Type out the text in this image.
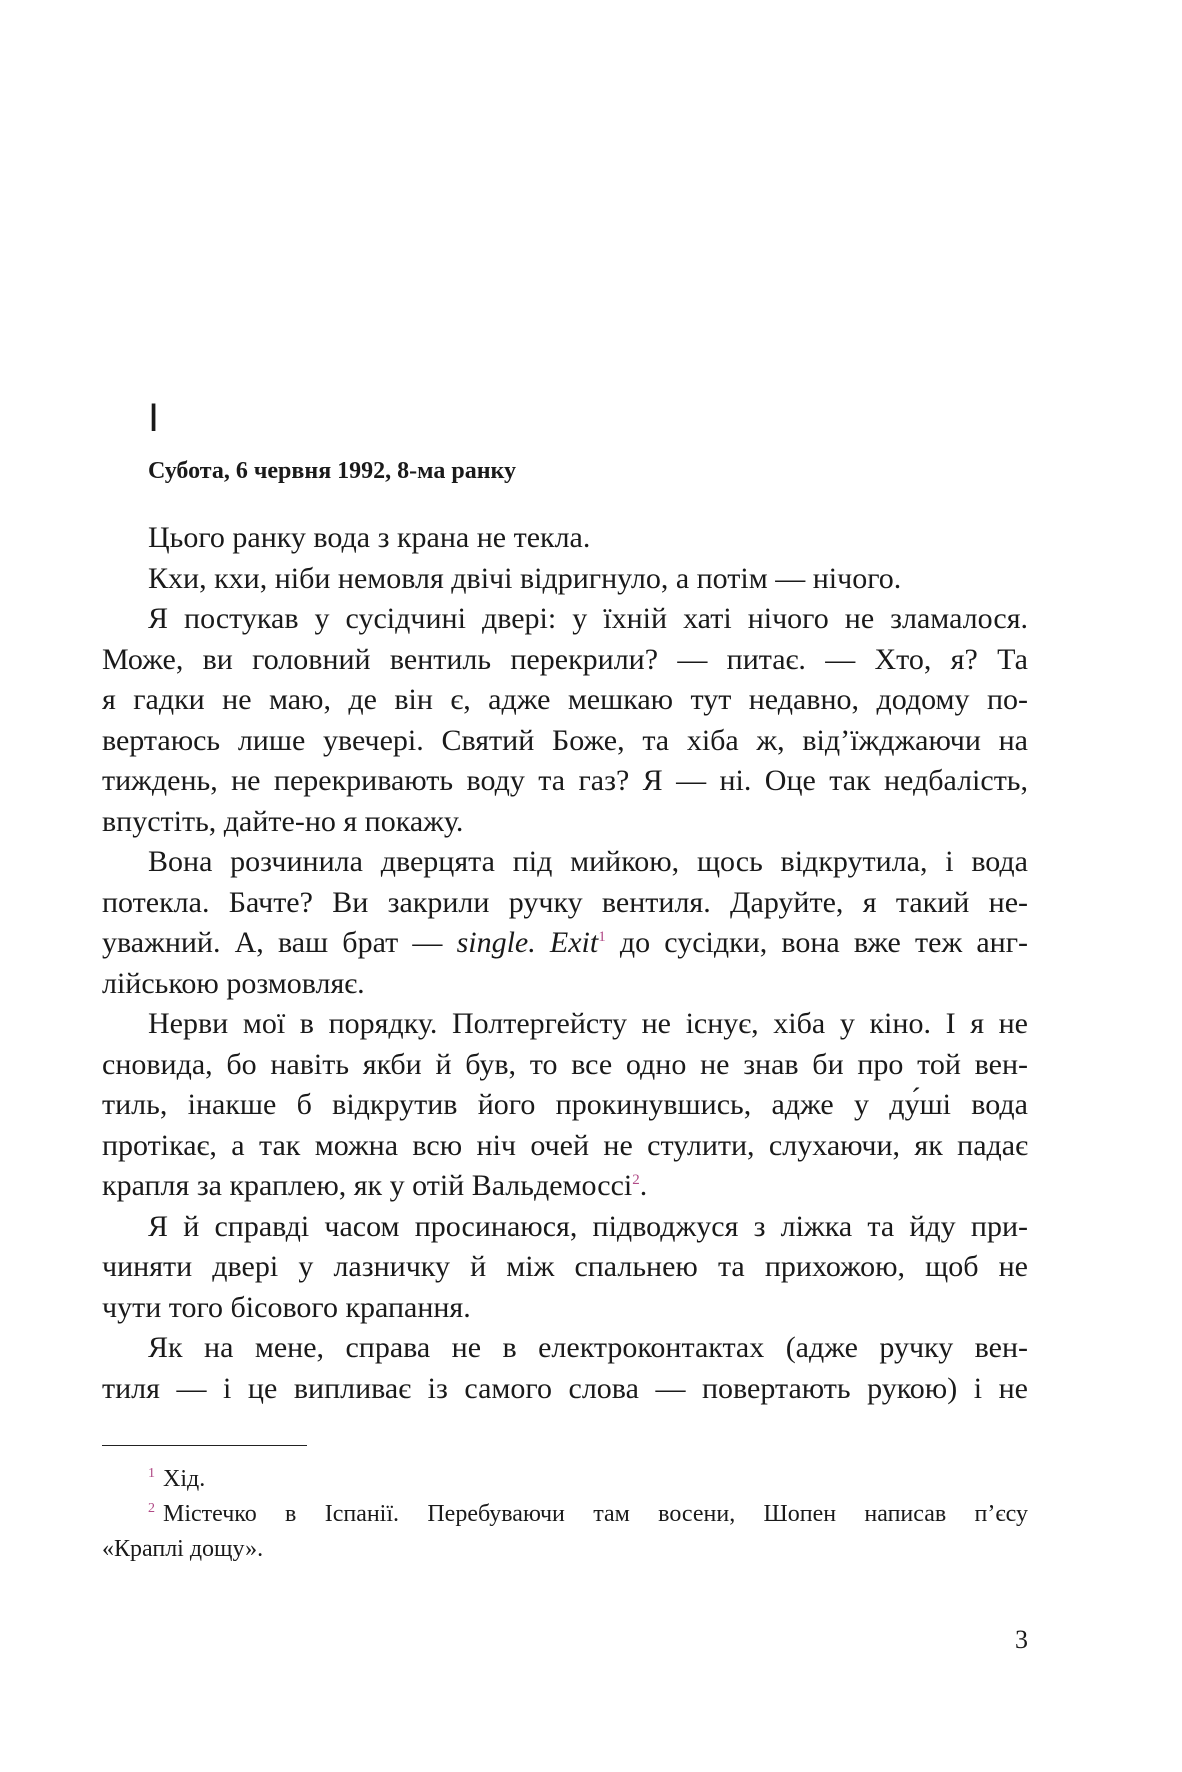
I
Субота, 6 червня 1992, 8-ма ранку
Цього ранку вода з крана не текла.
Кхи, кхи, ніби немовля двічі відригнуло, а потім — нічого.
Я постукав у сусідчині двері: у їхній хаті нічого не зламалося.
Може, ви головний вентиль перекрили? — питає. — Хто, я? Та
я гадки не маю, де він є, адже мешкаю тут недавно, додому по-
вертаюсь лише увечері. Святий Боже, та хіба ж, від’їжджаючи на
тиждень, не перекривають воду та газ? Я — ні. Оце так недбалість,
впустіть, дайте-но я покажу.
Вона розчинила дверцята під мийкою, щось відкрутила, і вода
потекла. Бачте? Ви закрили ручку вентиля. Даруйте, я такий не-
уважний. А, ваш брат — single. Exit$^1$ до сусідки, вона вже теж анг-
лійською розмовляє.
Нерви мої в порядку. Полтергейсту не існує, хіба у кіно. І я не
сновида, бо навіть якби й був, то все одно не знав би про той вен-
тиль, інакше б відкрутив його прокинувшись, адже у душі вода
протікає, а так можна всю ніч очей не стулити, слухаючи, як падає
крапля за краплею, як у отій Вальдемоссі$^2$.
Я й справді часом просинаюся, підводжуся з ліжка та йду при-
чиняти двері у лазничку й між спальнею та прихожою, щоб не
чути того бісового крапання.
Як на мене, справа не в електроконтактах (адже ручку вен-
тиля — і це випливає із самого слова — повертають рукою) і не
$^1$ Хід.
$^2$ Містечко в Іспанії. Перебуваючи там восени, Шопен написав п’єсу
«Краплі дощу».
3
